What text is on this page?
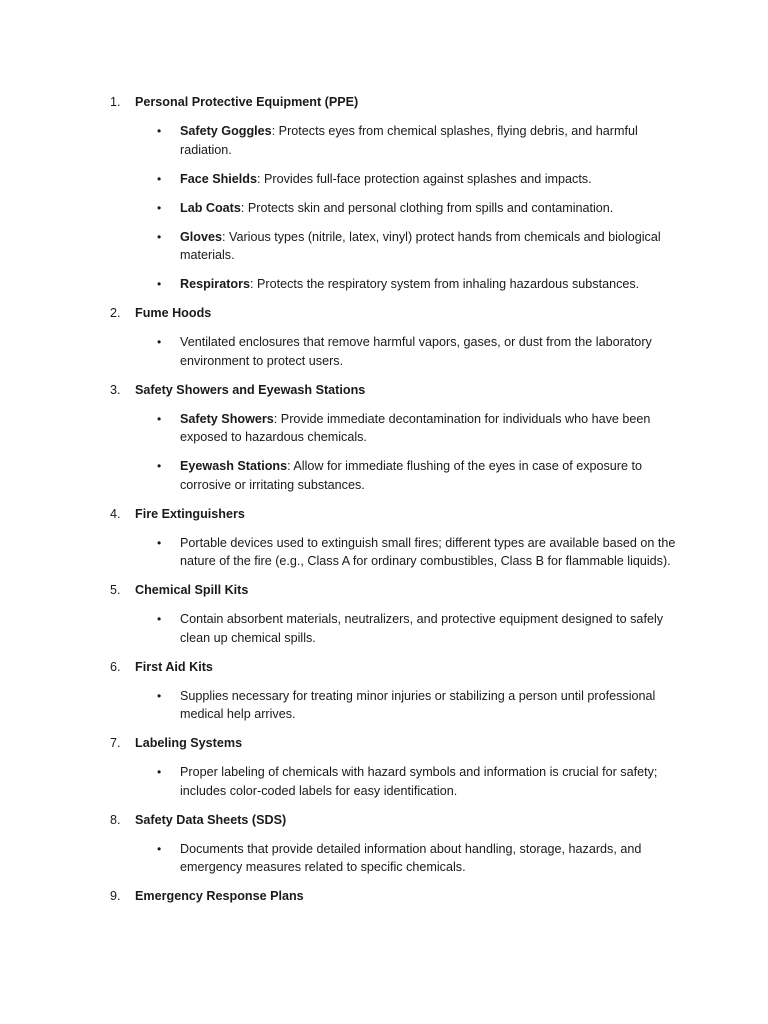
1.	Personal Protective Equipment (PPE)
• Safety Goggles: Protects eyes from chemical splashes, flying debris, and harmful radiation.
• Face Shields: Provides full-face protection against splashes and impacts.
• Lab Coats: Protects skin and personal clothing from spills and contamination.
• Gloves: Various types (nitrile, latex, vinyl) protect hands from chemicals and biological materials.
• Respirators: Protects the respiratory system from inhaling hazardous substances.
2.	Fume Hoods
• Ventilated enclosures that remove harmful vapors, gases, or dust from the laboratory environment to protect users.
3.	Safety Showers and Eyewash Stations
• Safety Showers: Provide immediate decontamination for individuals who have been exposed to hazardous chemicals.
• Eyewash Stations: Allow for immediate flushing of the eyes in case of exposure to corrosive or irritating substances.
4.	Fire Extinguishers
• Portable devices used to extinguish small fires; different types are available based on the nature of the fire (e.g., Class A for ordinary combustibles, Class B for flammable liquids).
5.	Chemical Spill Kits
• Contain absorbent materials, neutralizers, and protective equipment designed to safely clean up chemical spills.
6.	First Aid Kits
• Supplies necessary for treating minor injuries or stabilizing a person until professional medical help arrives.
7.	Labeling Systems
• Proper labeling of chemicals with hazard symbols and information is crucial for safety; includes color-coded labels for easy identification.
8.	Safety Data Sheets (SDS)
• Documents that provide detailed information about handling, storage, hazards, and emergency measures related to specific chemicals.
9.	Emergency Response Plans
